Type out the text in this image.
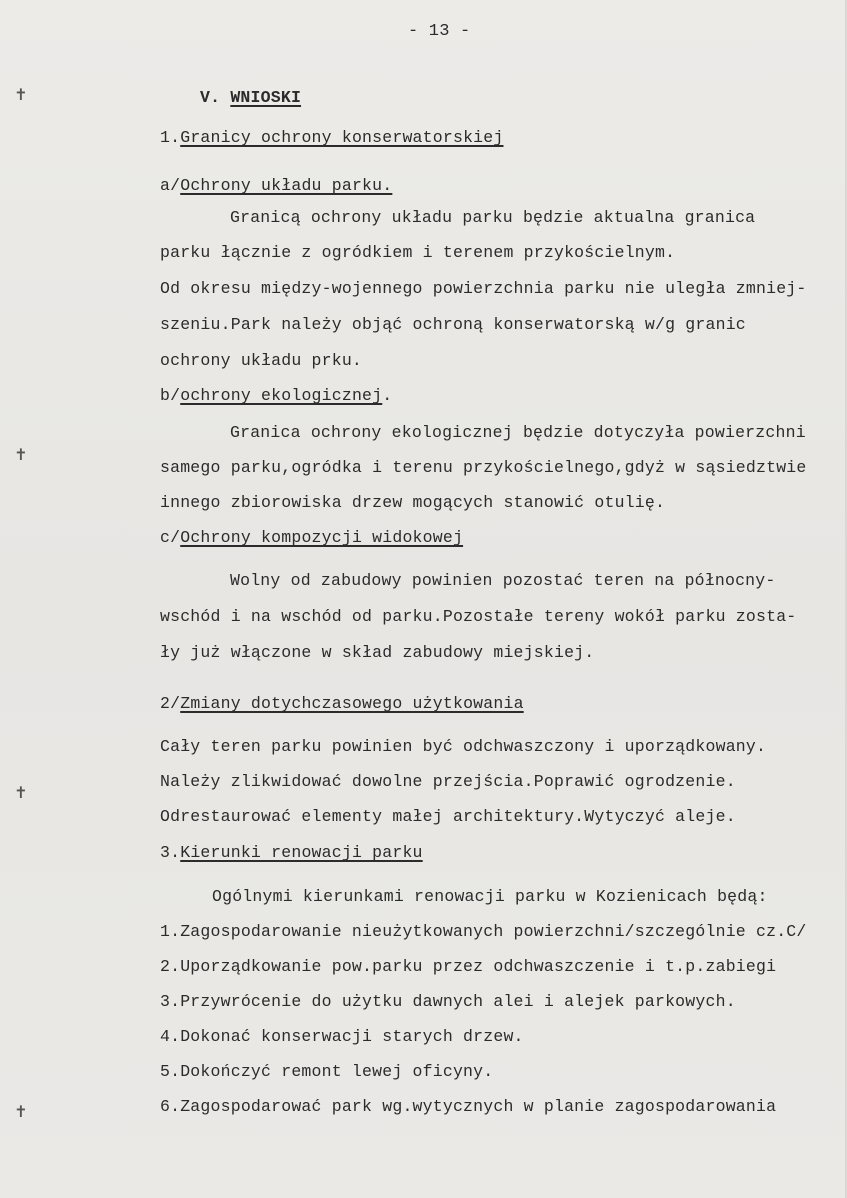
✝
✝
✝
✝
- 13 -
V. WNIOSKI
1.Granicy ochrony konserwatorskiej
a/Ochrony układu parku.
Granicą ochrony układu parku będzie aktualna granica
parku łącznie z ogródkiem i terenem przykościelnym.
Od okresu między-wojennego powierzchnia parku nie uległa zmniej-
szeniu.Park należy objąć ochroną konserwatorską w/g granic
ochrony układu prku.
b/ochrony ekologicznej.
Granica ochrony ekologicznej będzie dotyczyła powierzchni
samego parku,ogródka i terenu przykościelnego,gdyż w sąsiedztwie
innego zbiorowiska drzew mogących stanowić otulię.
c/Ochrony kompozycji widokowej
Wolny od zabudowy powinien pozostać teren na północny-
wschód i na wschód od parku.Pozostałe tereny wokół parku zosta-
ły już włączone w skład zabudowy miejskiej.
2/Zmiany dotychczasowego użytkowania
Cały teren parku powinien być odchwaszczony i uporządkowany.
Należy zlikwidować dowolne przejścia.Poprawić ogrodzenie.
Odrestaurować elementy małej architektury.Wytyczyć aleje.
3.Kierunki renowacji parku
Ogólnymi kierunkami renowacji parku w Kozienicach będą:
1.Zagospodarowanie nieużytkowanych powierzchni/szczególnie cz.C/
2.Uporządkowanie pow.parku przez odchwaszczenie i t.p.zabiegi
3.Przywrócenie do użytku dawnych alei i alejek parkowych.
4.Dokonać konserwacji starych drzew.
5.Dokończyć remont lewej oficyny.
6.Zagospodarować park wg.wytycznych w planie zagospodarowania
